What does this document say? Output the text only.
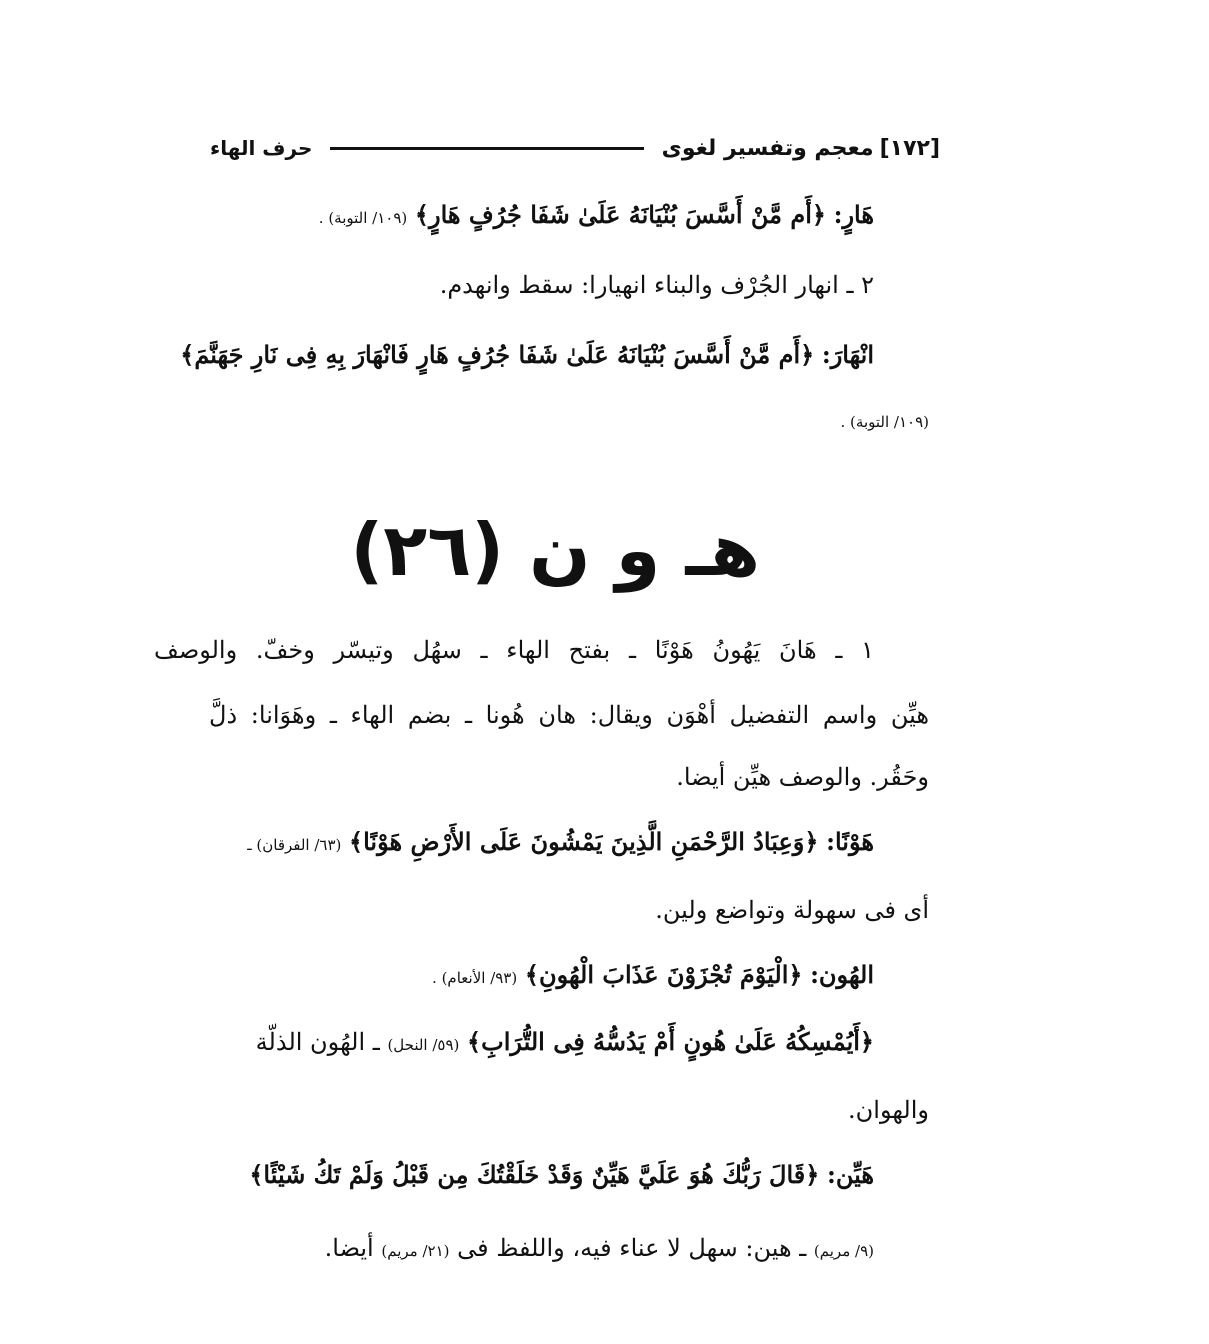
[١٧٢]
معجم وتفسير لغوى
حرف الهاء
هَارٍ: ﴿أَم مَّنْ أَسَّسَ بُنْيَانَهُ عَلَىٰ شَفَا جُرُفٍ هَارٍ﴾ (١٠٩/ التوبة) .
٢ ـ انهار الجُرْف والبناء انهيارا: سقط وانهدم.
انْهَارَ: ﴿أَم مَّنْ أَسَّسَ بُنْيَانَهُ عَلَىٰ شَفَا جُرُفٍ هَارٍ فَانْهَارَ بِهِ فِى نَارِ جَهَنَّمَ﴾
(١٠٩/ التوبة) .
هـ و ن (٢٦)
١ ـ هَانَ يَهُونُ هَوْنًا ـ بفتح الهاء ـ سهُل وتيسّر وخفّ. والوصف
هيِّن واسم التفضيل أهْوَن ويقال: هان هُونا ـ بضم الهاء ـ وهَوَانا: ذلَّ
وحَقُر. والوصف هيِّن أيضا.
هَوْنًا: ﴿وَعِبَادُ الرَّحْمَنِ الَّذِينَ يَمْشُونَ عَلَى الأَرْضِ هَوْنًا﴾ (٦٣/ الفرقان) ـ
أى فى سهولة وتواضع ولين.
الهُون: ﴿الْيَوْمَ تُجْزَوْنَ عَذَابَ الْهُونِ﴾ (٩٣/ الأنعام) .
﴿أَيُمْسِكُهُ عَلَىٰ هُونٍ أَمْ يَدُسُّهُ فِى التُّرَابِ﴾ (٥٩/ النحل) ـ الهُون الذلّة
والهوان.
هَيِّن: ﴿قَالَ رَبُّكَ هُوَ عَلَيَّ هَيِّنٌ وَقَدْ خَلَقْتُكَ مِن قَبْلُ وَلَمْ تَكُ شَيْئًا﴾
(٩/ مريم) ـ هين: سهل لا عناء فيه، واللفظ فى (٢١/ مريم) أيضا.
